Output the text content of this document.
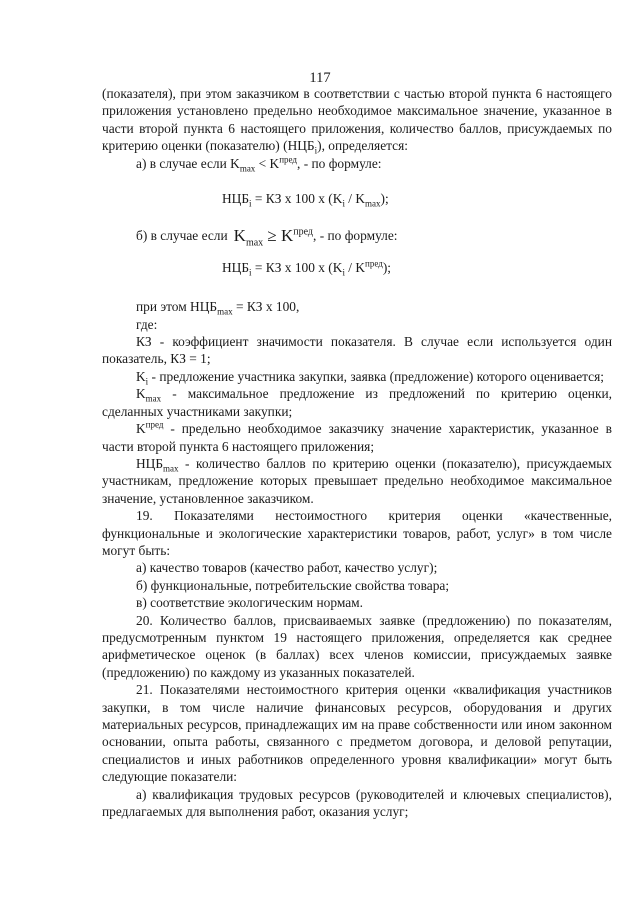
117

(показателя), при этом заказчиком в соответствии с частью второй пункта 6 настоящего приложения установлено предельно необходимое максимальное значение, указанное в части второй пункта 6 настоящего приложения, количество баллов, присуждаемых по критерию оценки (показателю) $(НЦБ_i)$, определяется:

а) в случае если $K_{max} < K^{пред}$, - по формуле:

$НЦБ_i$ = КЗ x 100 x $(K_i / K_{max})$;

б) в случае если $K_{max} \ge K^{пред}$ , - по формуле:

$НЦБ_i$ = КЗ x 100 x $(K_i / K^{пред})$;

при этом $НЦБ_{max}$ = КЗ x 100,

где:

КЗ - коэффициент значимости показателя. В случае если используется один показатель, КЗ = 1;

$K_i$ - предложение участника закупки, заявка (предложение) которого оценивается;

$K_{max}$ - максимальное предложение из предложений по критерию оценки, сделанных участниками закупки;

$K^{пред}$ - предельно необходимое заказчику значение характеристик, указанное в части второй пункта 6 настоящего приложения;

$НЦБ_{max}$ - количество баллов по критерию оценки (показателю), присуждаемых участникам, предложение которых превышает предельно необходимое максимальное значение, установленное заказчиком.

19. Показателями нестоимостного критерия оценки «качественные, функциональные и экологические характеристики товаров, работ, услуг» в том числе могут быть:

а) качество товаров (качество работ, качество услуг);

б) функциональные, потребительские свойства товара;

в) соответствие экологическим нормам.

20. Количество баллов, присваиваемых заявке (предложению) по показателям, предусмотренным пунктом 19 настоящего приложения, определяется как среднее арифметическое оценок (в баллах) всех членов комиссии, присуждаемых заявке (предложению) по каждому из указанных показателей.

21. Показателями нестоимостного критерия оценки «квалификация участников закупки, в том числе наличие финансовых ресурсов, оборудования и других материальных ресурсов, принадлежащих им на праве собственности или ином законном основании, опыта работы, связанного с предметом договора, и деловой репутации, специалистов и иных работников определенного уровня квалификации» могут быть следующие показатели:

а) квалификация трудовых ресурсов (руководителей и ключевых специалистов), предлагаемых для выполнения работ, оказания услуг;
